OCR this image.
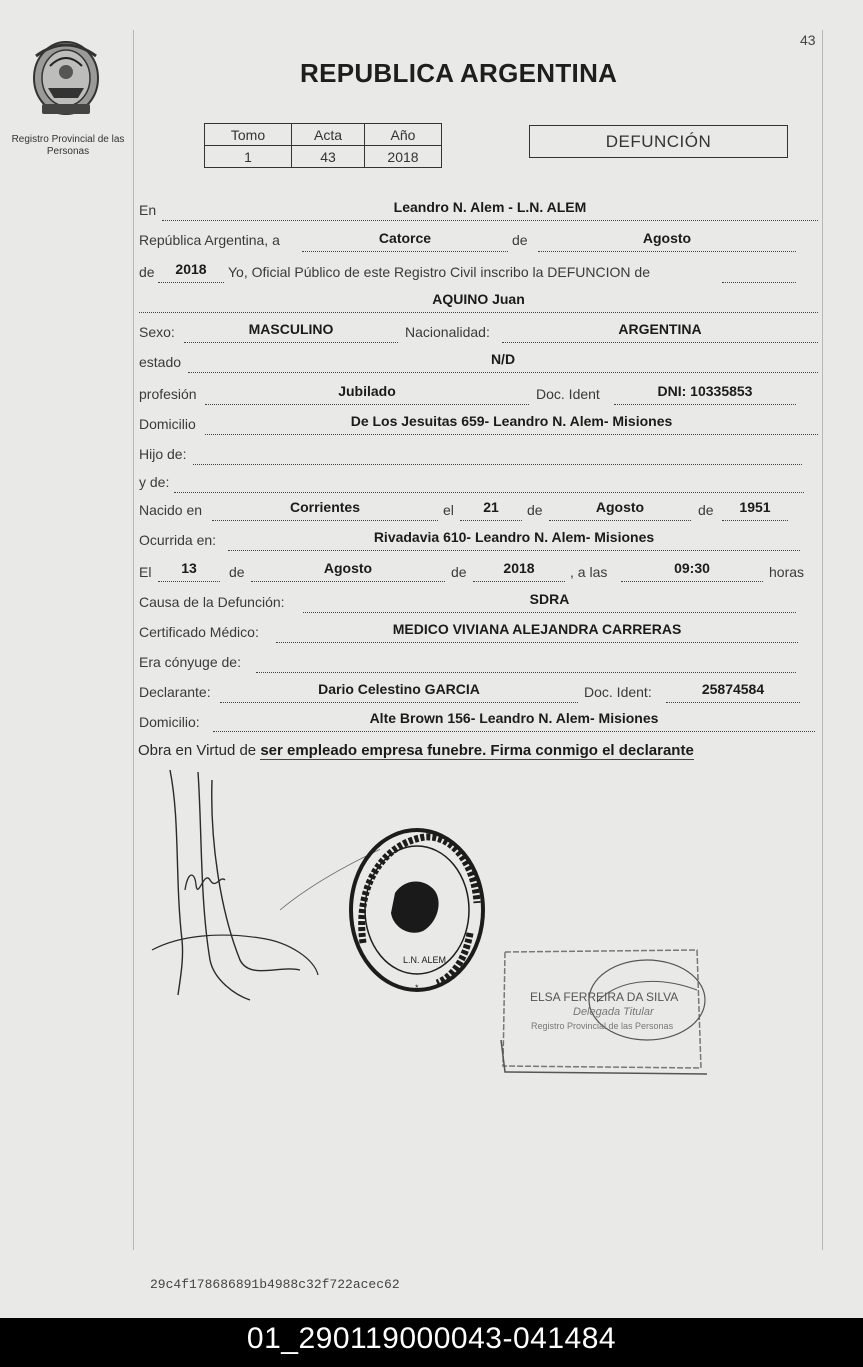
43
Registro Provincial de las Personas
REPUBLICA ARGENTINA
Tomo	Acta	Año
1	43	2018
DEFUNCIÓN
En	Leandro N. Alem - L.N. ALEM
República Argentina, a	Catorce	de	Agosto
de	2018	Yo, Oficial Público de este Registro Civil inscribo la DEFUNCION de
AQUINO Juan
Sexo:	MASCULINO	Nacionalidad:	ARGENTINA
estado	N/D
profesión	Jubilado	Doc. Ident	DNI: 10335853
Domicilio	De Los Jesuitas 659- Leandro N. Alem- Misiones
Hijo de:
y de:
Nacido en	Corrientes	el	21	de	Agosto	de	1951
Ocurrida en:	Rivadavia 610- Leandro N. Alem- Misiones
El	13	de	Agosto	de	2018	, a las	09:30	horas
Causa de la Defunción:	SDRA
Certificado Médico:	MEDICO VIVIANA ALEJANDRA CARRERAS
Era cónyuge de:
Declarante:	Dario Celestino GARCIA	Doc. Ident:	25874584
Domicilio:	Alte Brown 156- Leandro N. Alem- Misiones
Obra en Virtud de ser empleado empresa funebre. Firma conmigo el declarante
L.N. ALEM
*
ELSA FERREIRA DA SILVA
Delegada Titular
Registro Provincial de las Personas
29c4f178686891b4988c32f722acec62
01_290119000043-041484
